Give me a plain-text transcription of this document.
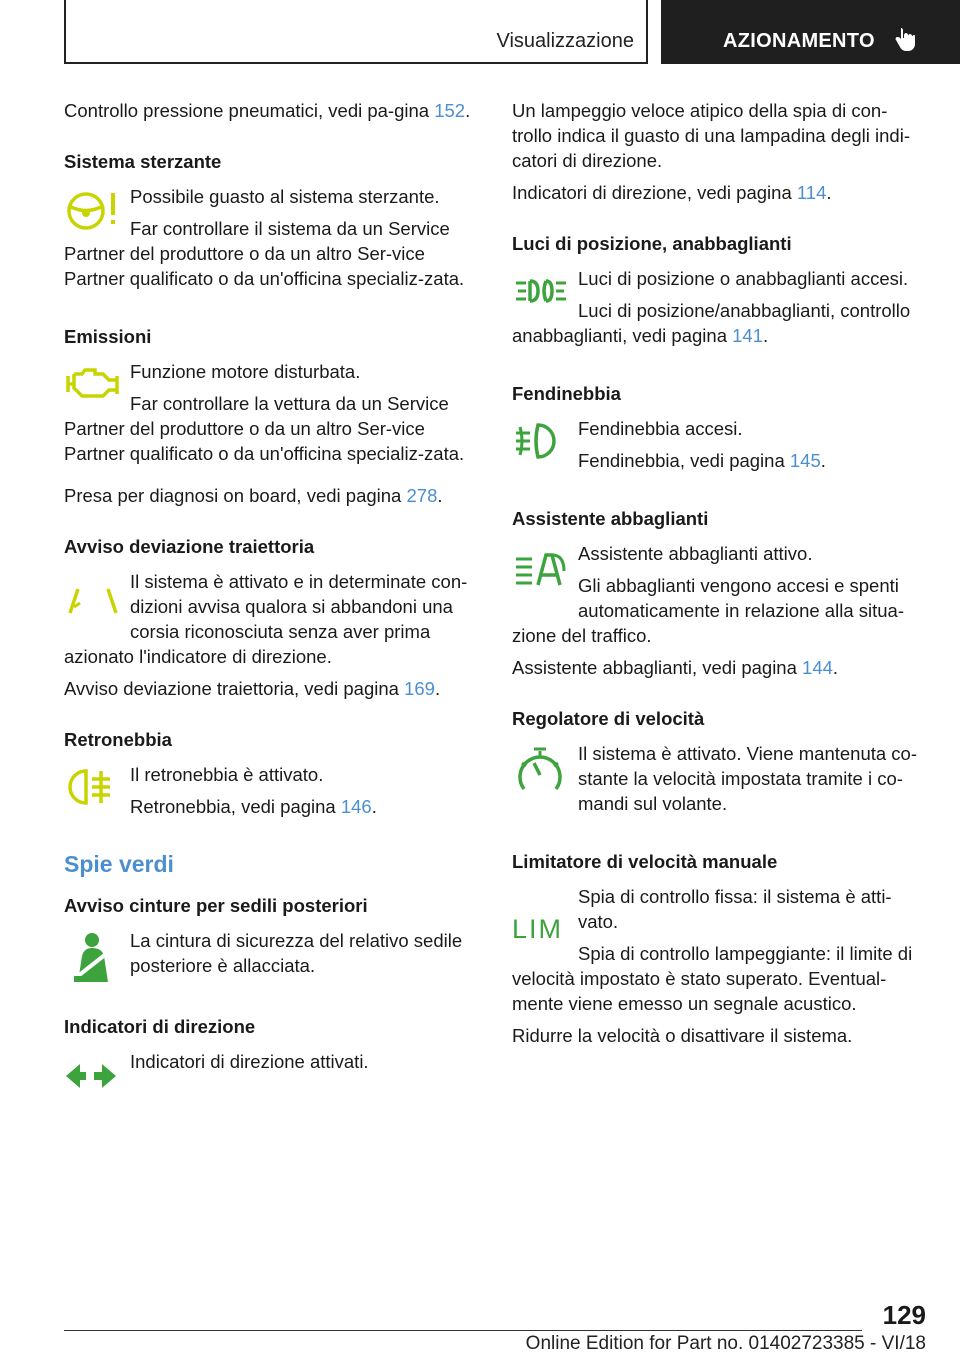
Visualizzazione	AZIONAMENTO

Controllo pressione pneumatici, vedi pa-gina 152.

Sistema sterzante

Possibile guasto al sistema sterzante.

Far controllare il sistema da un Service Partner del produttore o da un altro Ser-vice Partner qualificato o da un'officina specializ-zata.

Emissioni

Funzione motore disturbata.

Far controllare la vettura da un Service Partner del produttore o da un altro Ser-vice Partner qualificato o da un'officina specializ-zata.

Presa per diagnosi on board, vedi pagina 278.

Avviso deviazione traiettoria

Il sistema è attivato e in determinate con-dizioni avvisa qualora si abbandoni una corsia riconosciuta senza aver prima azionato l'indicatore di direzione.

Avviso deviazione traiettoria, vedi pagina 169.

Retronebbia

Il retronebbia è attivato.

Retronebbia, vedi pagina 146.

Spie verdi
Avviso cinture per sedili posteriori

La cintura di sicurezza del relativo sedile posteriore è allacciata.

Indicatori di direzione

Indicatori di direzione attivati.

Un lampeggio veloce atipico della spia di con-trollo indica il guasto di una lampadina degli indi-catori di direzione.

Indicatori di direzione, vedi pagina 114.

Luci di posizione, anabbaglianti

Luci di posizione o anabbaglianti accesi.

Luci di posizione/anabbaglianti, controllo anabbaglianti, vedi pagina 141.

Fendinebbia

Fendinebbia accesi.

Fendinebbia, vedi pagina 145.

Assistente abbaglianti

Assistente abbaglianti attivo.

Gli abbaglianti vengono accesi e spenti automaticamente in relazione alla situa-zione del traffico.

Assistente abbaglianti, vedi pagina 144.

Regolatore di velocità

Il sistema è attivato. Viene mantenuta co-stante la velocità impostata tramite i co-mandi sul volante.

Limitatore di velocità manuale
LIM

Spia di controllo fissa: il sistema è atti-vato.

Spia di controllo lampeggiante: il limite di velocità impostato è stato superato. Eventual-mente viene emesso un segnale acustico.

Ridurre la velocità o disattivare il sistema.

129
Online Edition for Part no. 01402723385 - VI/18
